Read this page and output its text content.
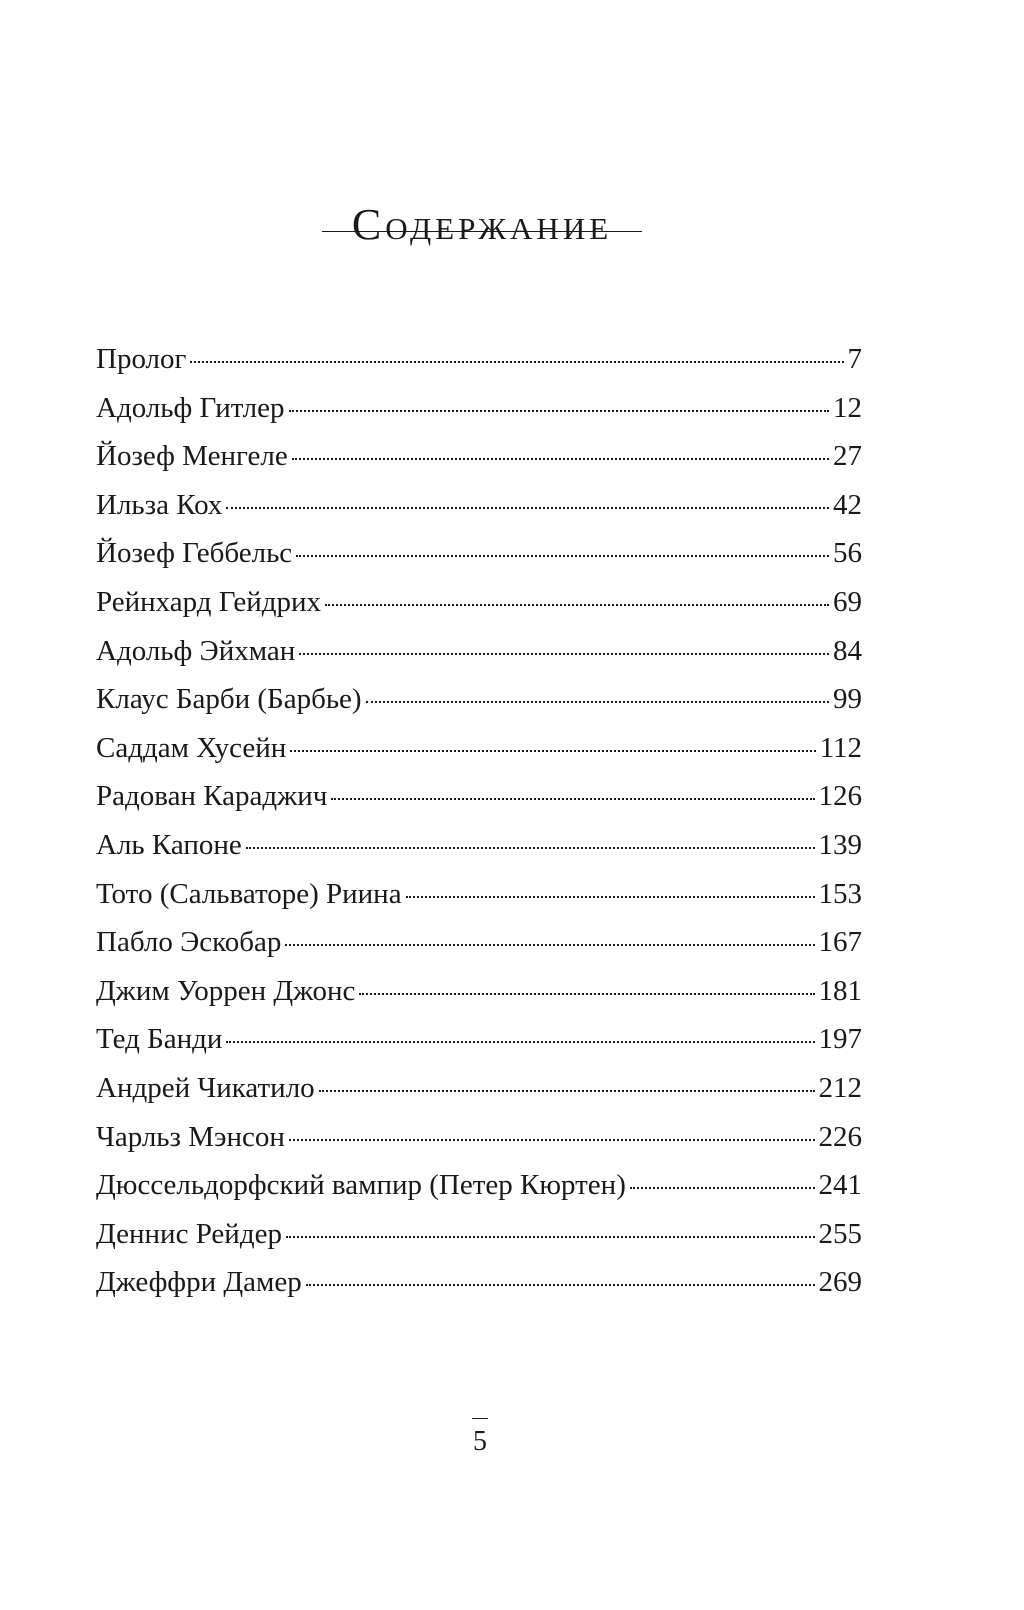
Содержание
Пролог	7
Адольф Гитлер	12
Йозеф Менгеле	27
Ильза Кох	42
Йозеф Геббельс	56
Рейнхард Гейдрих	69
Адольф Эйхман	84
Клаус Барби (Барбье)	99
Саддам Хусейн	112
Радован Караджич	126
Аль Капоне	139
Тото (Сальваторе) Риина	153
Пабло Эскобар	167
Джим Уоррен Джонс	181
Тед Банди	197
Андрей Чикатило	212
Чарльз Мэнсон	226
Дюссельдорфский вампир (Петер Кюртен)	241
Деннис Рейдер	255
Джеффри Дамер	269
5
